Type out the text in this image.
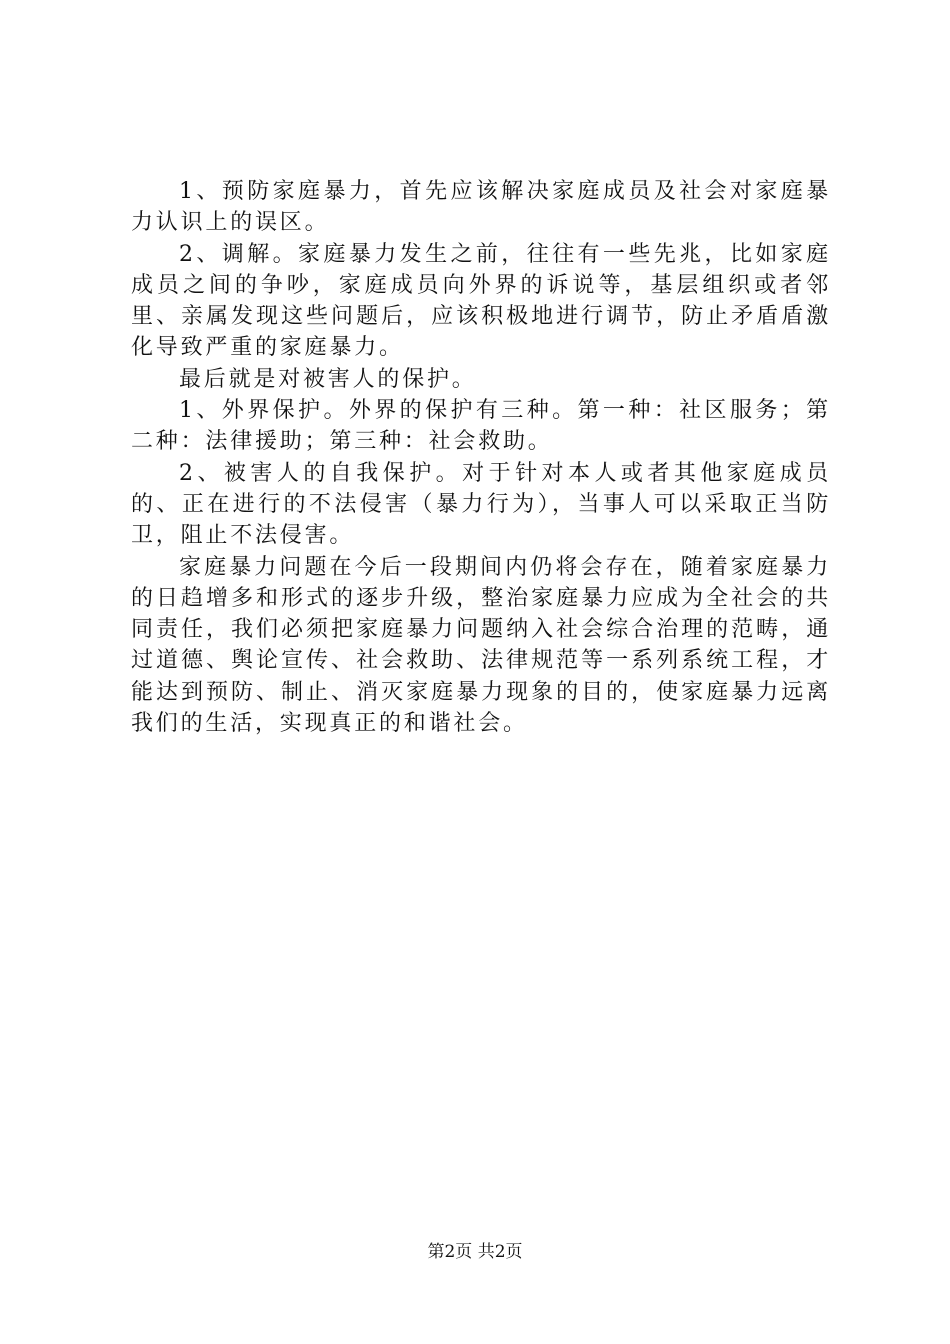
1、预防家庭暴力，首先应该解决家庭成员及社会对家庭暴力认识上的误区。

2、调解。家庭暴力发生之前，往往有一些先兆，比如家庭成员之间的争吵，家庭成员向外界的诉说等，基层组织或者邻里、亲属发现这些问题后，应该积极地进行调节，防止矛盾盾激化导致严重的家庭暴力。

最后就是对被害人的保护。

1、外界保护。外界的保护有三种。第一种：社区服务；第二种：法律援助；第三种：社会救助。

2、被害人的自我保护。对于针对本人或者其他家庭成员的、正在进行的不法侵害（暴力行为），当事人可以采取正当防卫，阻止不法侵害。

家庭暴力问题在今后一段期间内仍将会存在，随着家庭暴力的日趋增多和形式的逐步升级，整治家庭暴力应成为全社会的共同责任，我们必须把家庭暴力问题纳入社会综合治理的范畴，通过道德、舆论宣传、社会救助、法律规范等一系列系统工程，才能达到预防、制止、消灭家庭暴力现象的目的，使家庭暴力远离我们的生活，实现真正的和谐社会。

第2页 共2页
